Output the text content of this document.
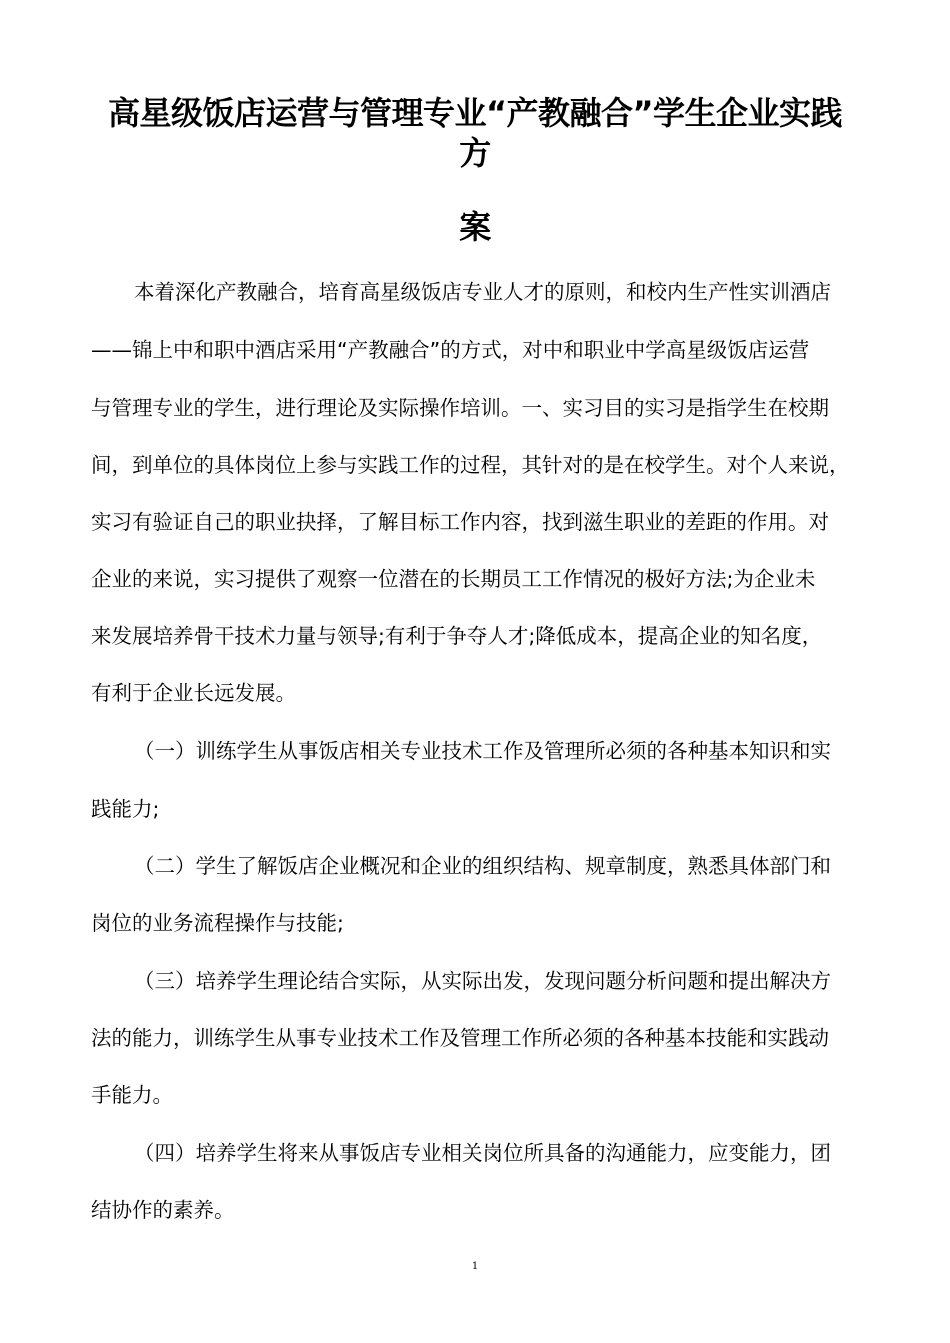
高星级饭店运营与管理专业“产教融合”学生企业实践
方
案
本着深化产教融合，培育高星级饭店专业人才的原则，和校内生产性实训酒店
——锦上中和职中酒店采用“产教融合”的方式，对中和职业中学高星级饭店运营
与管理专业的学生，进行理论及实际操作培训。一、实习目的实习是指学生在校期
间，到单位的具体岗位上参与实践工作的过程，其针对的是在校学生。对个人来说，
实习有验证自己的职业抉择，了解目标工作内容，找到滋生职业的差距的作用。对
企业的来说，实习提供了观察一位潜在的长期员工工作情况的极好方法;为企业未
来发展培养骨干技术力量与领导;有利于争夺人才;降低成本，提高企业的知名度，
有利于企业长远发展。
（一）训练学生从事饭店相关专业技术工作及管理所必须的各种基本知识和实
践能力;
（二）学生了解饭店企业概况和企业的组织结构、规章制度，熟悉具体部门和
岗位的业务流程操作与技能;
（三）培养学生理论结合实际，从实际出发，发现问题分析问题和提出解决方
法的能力，训练学生从事专业技术工作及管理工作所必须的各种基本技能和实践动
手能力。
（四）培养学生将来从事饭店专业相关岗位所具备的沟通能力，应变能力，团
结协作的素养。
1
